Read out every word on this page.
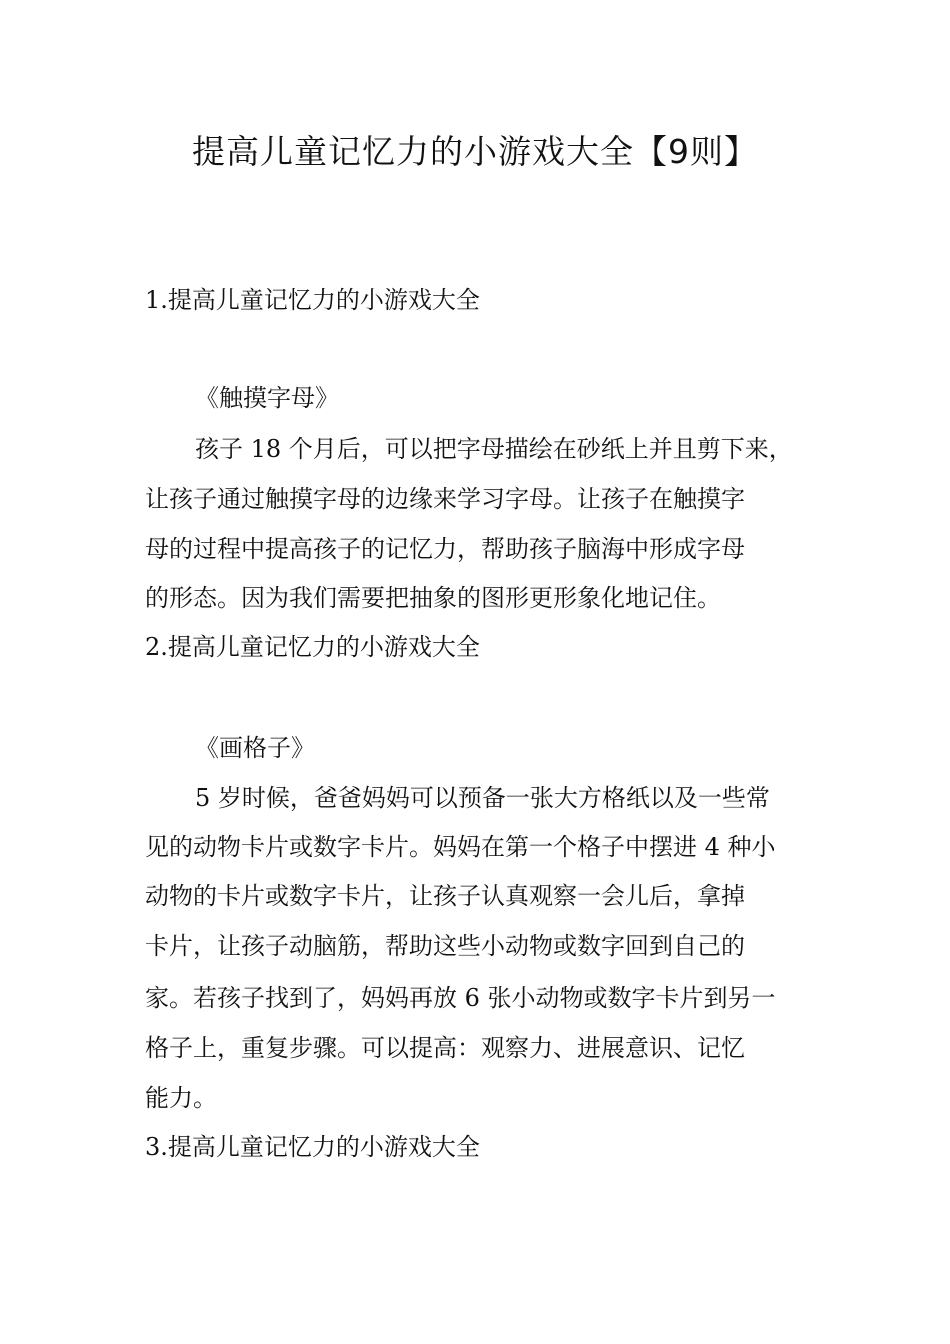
提高儿童记忆力的小游戏大全【9则】

1.提高儿童记忆力的小游戏大全

《触摸字母》

孩子 18 个月后，可以把字母描绘在砂纸上并且剪下来，

让孩子通过触摸字母的边缘来学习字母。让孩子在触摸字

母的过程中提高孩子的记忆力，帮助孩子脑海中形成字母

的形态。因为我们需要把抽象的图形更形象化地记住。

2.提高儿童记忆力的小游戏大全

《画格子》

5 岁时候，爸爸妈妈可以预备一张大方格纸以及一些常

见的动物卡片或数字卡片。妈妈在第一个格子中摆进 4 种小

动物的卡片或数字卡片，让孩子认真观察一会儿后，拿掉

卡片，让孩子动脑筋，帮助这些小动物或数字回到自己的

家。若孩子找到了，妈妈再放 6 张小动物或数字卡片到另一

格子上，重复步骤。可以提高：观察力、进展意识、记忆

能力。

3.提高儿童记忆力的小游戏大全
